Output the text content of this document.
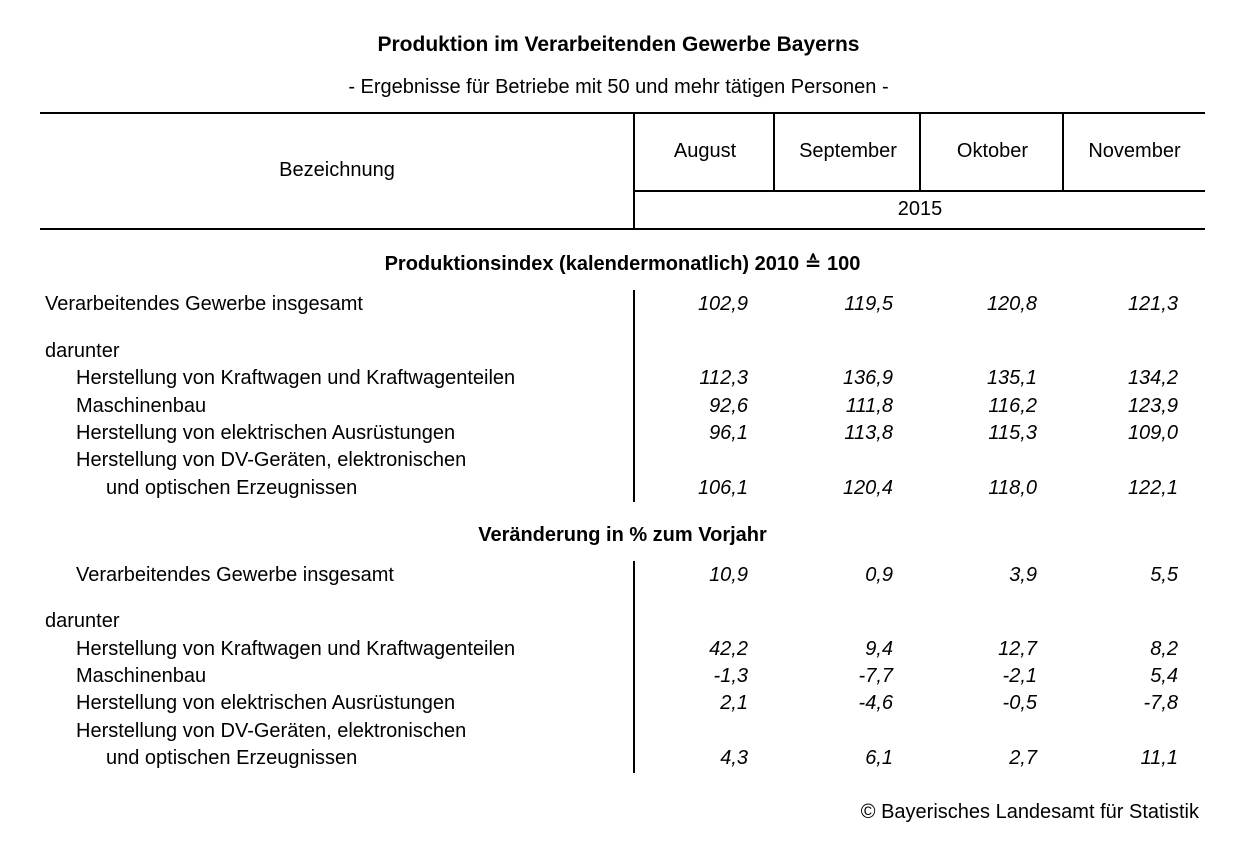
Produktion im Verarbeitenden Gewerbe Bayerns
- Ergebnisse für Betriebe mit 50 und mehr tätigen Personen -
Bezeichnung
August	September	Oktober	November
2015
Produktionsindex (kalendermonatlich) 2010 ≙ 100
Verarbeitendes Gewerbe insgesamt	102,9	119,5	120,8	121,3
darunter
Herstellung von Kraftwagen und Kraftwagenteilen	112,3	136,9	135,1	134,2
Maschinenbau	92,6	111,8	116,2	123,9
Herstellung von elektrischen Ausrüstungen	96,1	113,8	115,3	109,0
Herstellung von DV-Geräten, elektronischen
und optischen Erzeugnissen	106,1	120,4	118,0	122,1
Veränderung in % zum Vorjahr
Verarbeitendes Gewerbe insgesamt	10,9	0,9	3,9	5,5
darunter
Herstellung von Kraftwagen und Kraftwagenteilen	42,2	9,4	12,7	8,2
Maschinenbau	-1,3	-7,7	-2,1	5,4
Herstellung von elektrischen Ausrüstungen	2,1	-4,6	-0,5	-7,8
Herstellung von DV-Geräten, elektronischen
und optischen Erzeugnissen	4,3	6,1	2,7	11,1
© Bayerisches Landesamt für Statistik
